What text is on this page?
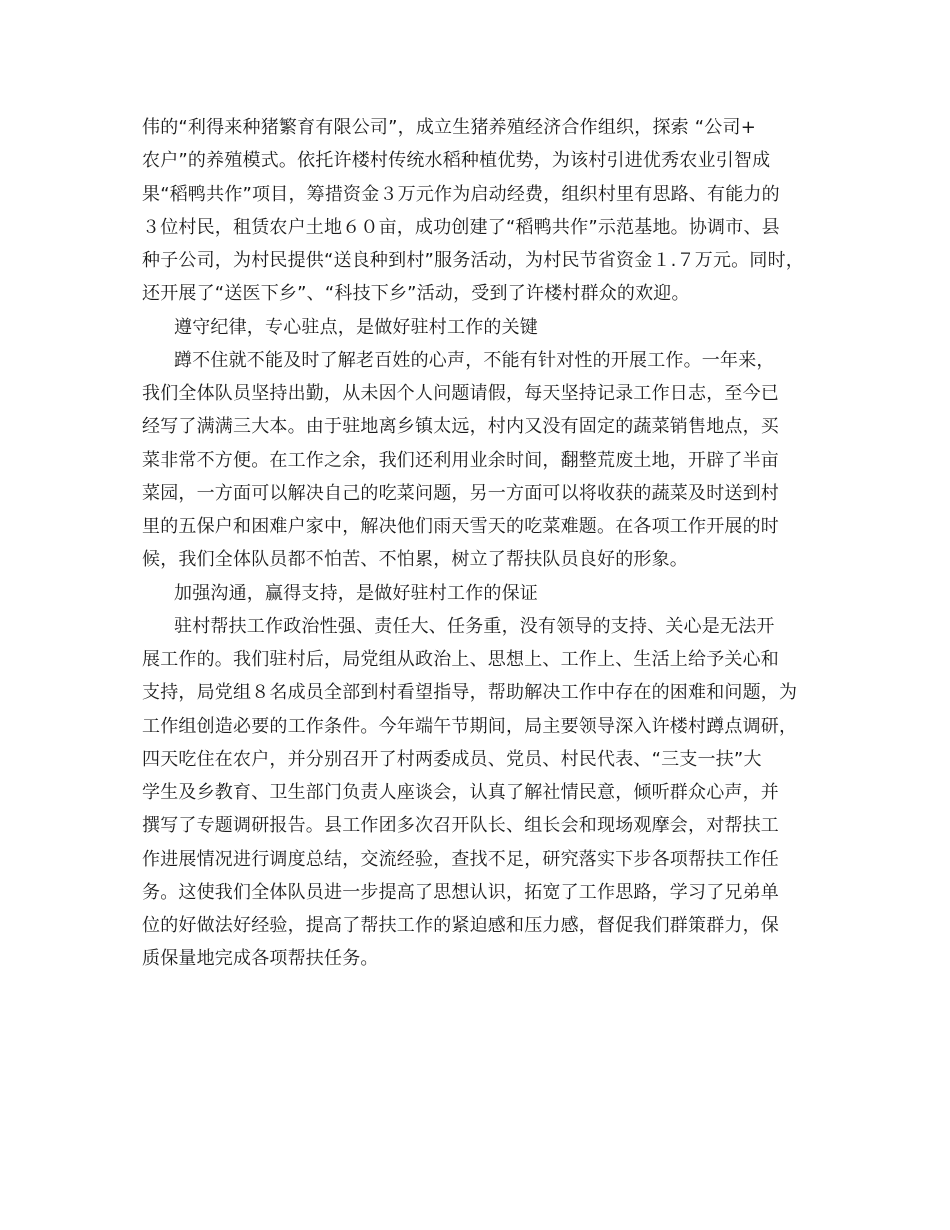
伟的“利得来种猪繁育有限公司”，成立生猪养殖经济合作组织，探索 “公司+
农户”的养殖模式。依托许楼村传统水稻种植优势，为该村引进优秀农业引智成
果“稻鸭共作”项目，筹措资金３万元作为启动经费，组织村里有思路、有能力的
３位村民，租赁农户土地６０亩，成功创建了“稻鸭共作”示范基地。协调市、县
种子公司，为村民提供“送良种到村”服务活动，为村民节省资金１.７万元。同时，
还开展了“送医下乡”、“科技下乡”活动，受到了许楼村群众的欢迎。
遵守纪律，专心驻点，是做好驻村工作的关键
蹲不住就不能及时了解老百姓的心声，不能有针对性的开展工作。一年来，
我们全体队员坚持出勤，从未因个人问题请假，每天坚持记录工作日志，至今已
经写了满满三大本。由于驻地离乡镇太远，村内又没有固定的蔬菜销售地点，买
菜非常不方便。在工作之余，我们还利用业余时间，翻整荒废土地，开辟了半亩
菜园，一方面可以解决自己的吃菜问题，另一方面可以将收获的蔬菜及时送到村
里的五保户和困难户家中，解决他们雨天雪天的吃菜难题。在各项工作开展的时
候，我们全体队员都不怕苦、不怕累，树立了帮扶队员良好的形象。
加强沟通，赢得支持，是做好驻村工作的保证
驻村帮扶工作政治性强、责任大、任务重，没有领导的支持、关心是无法开
展工作的。我们驻村后，局党组从政治上、思想上、工作上、生活上给予关心和
支持，局党组８名成员全部到村看望指导，帮助解决工作中存在的困难和问题，为
工作组创造必要的工作条件。今年端午节期间，局主要领导深入许楼村蹲点调研，
四天吃住在农户，并分别召开了村两委成员、党员、村民代表、“三支一扶”大
学生及乡教育、卫生部门负责人座谈会，认真了解社情民意，倾听群众心声，并
撰写了专题调研报告。县工作团多次召开队长、组长会和现场观摩会，对帮扶工
作进展情况进行调度总结，交流经验，查找不足，研究落实下步各项帮扶工作任
务。这使我们全体队员进一步提高了思想认识，拓宽了工作思路，学习了兄弟单
位的好做法好经验，提高了帮扶工作的紧迫感和压力感，督促我们群策群力，保
质保量地完成各项帮扶任务。
